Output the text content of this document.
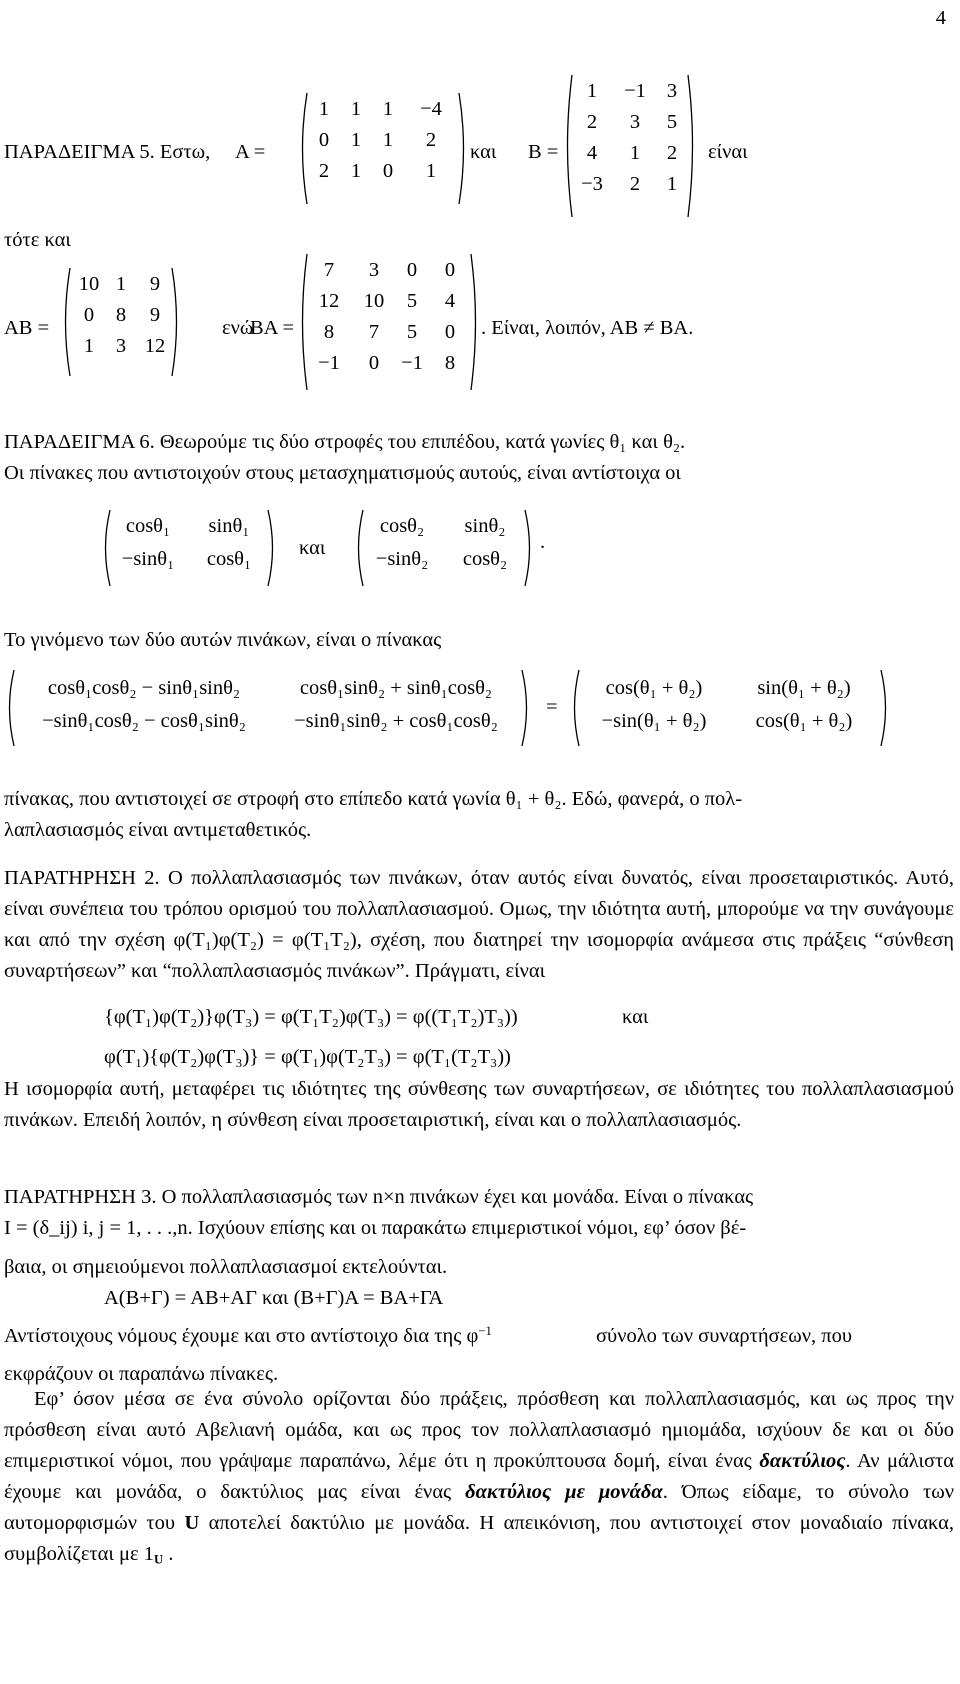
4
ΠΑΡΑΔΕΙΓΜΑ 5. Εστω, Α =
1	1	1	−4
0	1	1	2
2	1	0	1
και Β =
1	−1	3
2	3	5
4	1	2
−3	2	1
είναι
τότε και
ΑΒ =
10 1	9
0	8	9
1	3 12
ενώ
ΒΑ =
7	3	0	0
12	10	5	4
8	7	5	0
−1	0	−1	8
. Είναι, λοιπόν, ΑΒ ≠ ΒΑ.
ΠΑΡΑΔΕΙΓΜΑ 6. Θεωρούμε τις δύο στροφές του επιπέδου, κατά γωνίες θ₁ και θ₂.
Οι πίνακες που αντιστοιχούν στους μετασχηματισμούς αυτούς, είναι αντίστοιχα οι
cosθ₁	sinθ₁
−sinθ₁	cosθ₁	και
cosθ₂	sinθ₂
−sinθ₂	cosθ₂
.
Το γινόμενο των δύο αυτών πινάκων, είναι ο πίνακας
cosθ₁cosθ₂ − sinθ₁sinθ₂	cosθ₁sinθ₂ + sinθ₁cosθ₂
−sinθ₁cosθ₂ − cosθ₁sinθ₂	−sinθ₁sinθ₂ + cosθ₁cosθ₂
=
cos(θ₁ + θ₂)	sin(θ₁ + θ₂)
−sin(θ₁ + θ₂)	cos(θ₁ + θ₂)
πίνακας, που αντιστοιχεί σε στροφή στο επίπεδο κατά γωνία θ₁ + θ₂. Εδώ, φανερά, ο πολ-
λαπλασιασμός είναι αντιμεταθετικός.
ΠΑΡΑΤΗΡΗΣΗ 2. Ο πολλαπλασιασμός των πινάκων, όταν αυτός είναι δυνατός, είναι προσεταιριστικός. Αυτό, είναι συνέπεια του τρόπου ορισμού του πολλαπλασιασμού. Ομως, την ιδιότητα αυτή, μπορούμε να την συνάγουμε και από την σχέση φ(T₁)φ(T₂) = φ(T₁T₂), σχέση, που διατηρεί την ισομορφία ανάμεσα στις πράξεις “σύνθεση συναρτήσεων” και “πολλαπλασιασμός πινάκων”. Πράγματι, είναι
{φ(T₁)φ(T₂)}φ(T₃) = φ(T₁T₂)φ(T₃) = φ((T₁T₂)T₃))	και
φ(T₁){φ(T₂)φ(T₃)} = φ(T₁)φ(T₂T₃) = φ(T₁(T₂T₃))
Η ισομορφία αυτή, μεταφέρει τις ιδιότητες της σύνθεσης των συναρτήσεων, σε ιδιότητες του πολλαπλασιασμού πινάκων. Επειδή λοιπόν, η σύνθεση είναι προσεταιριστική, είναι και ο πολλαπλασιασμός.
ΠΑΡΑΤΗΡΗΣΗ 3. Ο πολλαπλασιασμός των n×n πινάκων έχει και μονάδα. Είναι ο πίνακας
Ι = (δ_ij) i, j = 1, . . .,n. Ισχύουν επίσης και οι παρακάτω επιμεριστικοί νόμοι, εφ’ όσον βέ-
βαια, οι σημειούμενοι πολλαπλασιασμοί εκτελούνται.
Α(Β+Γ) = ΑΒ+ΑΓ και (Β+Γ)Α = ΒΑ+ΓΑ
Αντίστοιχους νόμους έχουμε και στο αντίστοιχο δια της $\varphi^{-1}$	σύνολο των συναρτήσεων, που
εκφράζουν οι παραπάνω πίνακες.
Εφ’ όσον μέσα σε ένα σύνολο ορίζονται δύο πράξεις, πρόσθεση και πολλαπλασιασμός, και ως προς την πρόσθεση είναι αυτό Αβελιανή ομάδα, και ως προς τον πολλαπλασιασμό ημιομάδα, ισχύουν δε και οι δύο επιμεριστικοί νόμοι, που γράψαμε παραπάνω, λέμε ότι η προκύπτουσα δομή, είναι ένας δακτύλιος. Αν μάλιστα έχουμε και μονάδα, ο δακτύλιος μας είναι ένας δακτύλιος με μονάδα. Όπως είδαμε, το σύνολο των αυτομορφισμών του U αποτελεί δακτύλιο με μονάδα. Η απεικόνιση, που αντιστοιχεί στον μοναδιαίο πίνακα, συμβολίζεται με $1_U$ .
